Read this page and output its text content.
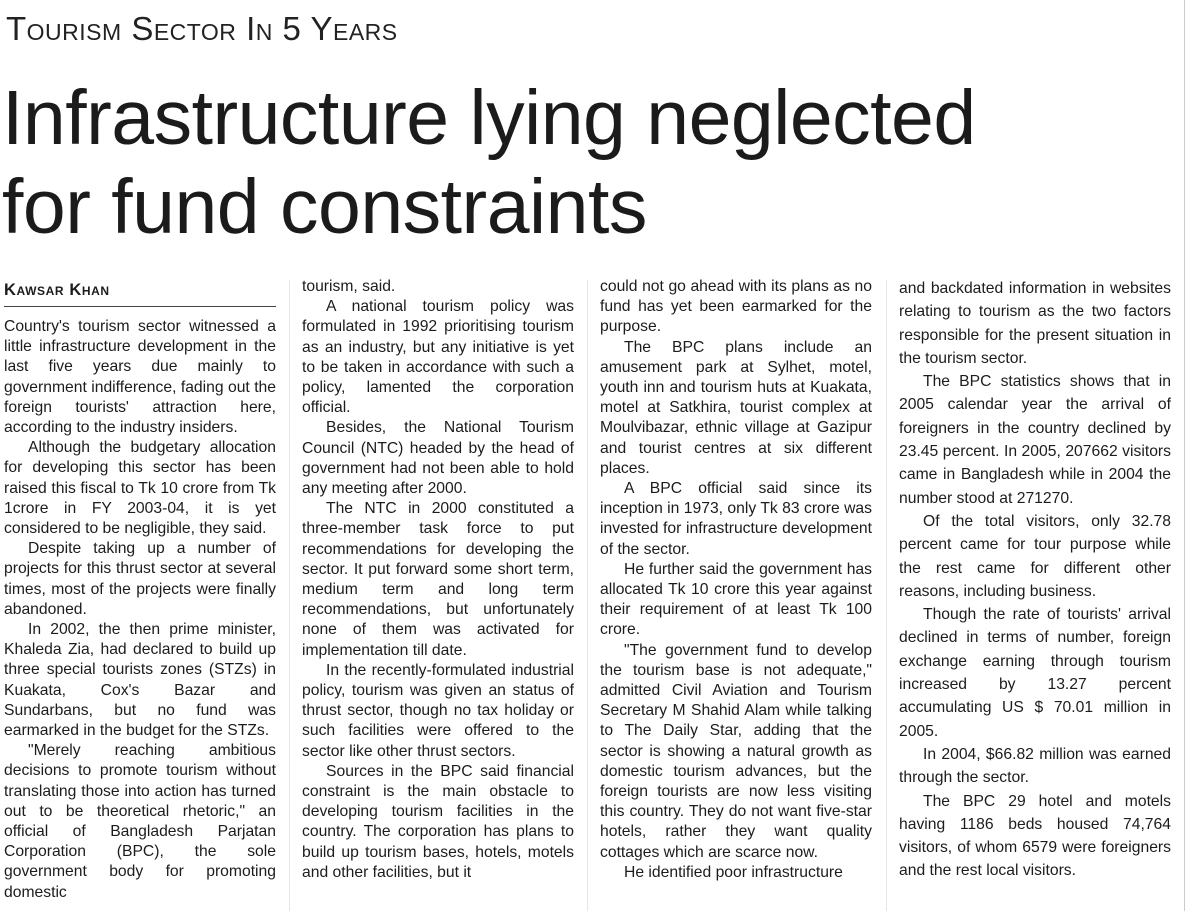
Tourism Sector In 5 Years
Infrastructure lying neglected
for fund constraints
Kawsar Khan

Country's tourism sector witnessed a little infrastructure development in the last five years due mainly to government indifference, fading out the foreign tourists' attraction here, according to the industry insiders.

Although the budgetary allocation for developing this sector has been raised this fiscal to Tk 10 crore from Tk 1crore in FY 2003-04, it is yet considered to be negligible, they said.

Despite taking up a number of projects for this thrust sector at several times, most of the projects were finally abandoned.

In 2002, the then prime minister, Khaleda Zia, had declared to build up three special tourists zones (STZs) in Kuakata, Cox's Bazar and Sundarbans, but no fund was earmarked in the budget for the STZs.

"Merely reaching ambitious decisions to promote tourism without translating those into action has turned out to be theoretical rhetoric," an official of Bangladesh Parjatan Corporation (BPC), the sole government body for promoting domestic

tourism, said.

A national tourism policy was formulated in 1992 prioritising tourism as an industry, but any initiative is yet to be taken in accordance with such a policy, lamented the corporation official.

Besides, the National Tourism Council (NTC) headed by the head of government had not been able to hold any meeting after 2000.

The NTC in 2000 constituted a three-member task force to put recommendations for developing the sector. It put forward some short term, medium term and long term recommendations, but unfortunately none of them was activated for implementation till date.

In the recently-formulated industrial policy, tourism was given an status of thrust sector, though no tax holiday or such facilities were offered to the sector like other thrust sectors.

Sources in the BPC said financial constraint is the main obstacle to developing tourism facilities in the country. The corporation has plans to build up tourism bases, hotels, motels and other facilities, but it

could not go ahead with its plans as no fund has yet been earmarked for the purpose.

The BPC plans include an amusement park at Sylhet, motel, youth inn and tourism huts at Kuakata, motel at Satkhira, tourist complex at Moulvibazar, ethnic village at Gazipur and tourist centres at six different places.

A BPC official said since its inception in 1973, only Tk 83 crore was invested for infrastructure development of the sector.

He further said the government has allocated Tk 10 crore this year against their requirement of at least Tk 100 crore.

"The government fund to develop the tourism base is not adequate," admitted Civil Aviation and Tourism Secretary M Shahid Alam while talking to The Daily Star, adding that the sector is showing a natural growth as domestic tourism advances, but the foreign tourists are now less visiting this country. They do not want five-star hotels, rather they want quality cottages which are scarce now.

He identified poor infrastructure

and backdated information in websites relating to tourism as the two factors responsible for the present situation in the tourism sector.

The BPC statistics shows that in 2005 calendar year the arrival of foreigners in the country declined by 23.45 percent. In 2005, 207662 visitors came in Bangladesh while in 2004 the number stood at 271270.

Of the total visitors, only 32.78 percent came for tour purpose while the rest came for different other reasons, including business.

Though the rate of tourists' arrival declined in terms of number, foreign exchange earning through tourism increased by 13.27 percent accumulating US $ 70.01 million in 2005.

In 2004, $66.82 million was earned through the sector.

The BPC 29 hotel and motels having 1186 beds housed 74,764 visitors, of whom 6579 were foreigners and the rest local visitors.
